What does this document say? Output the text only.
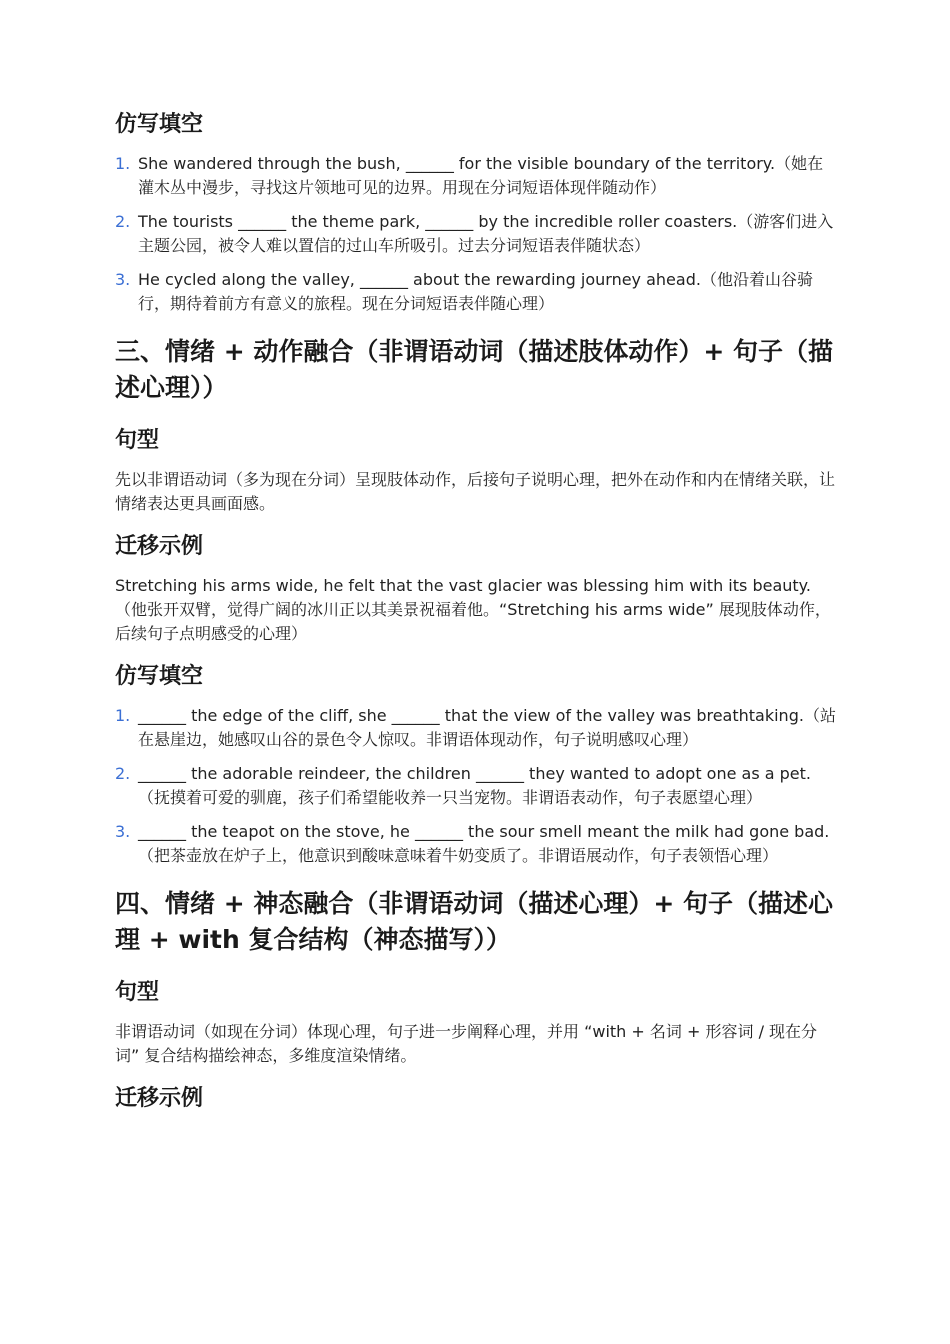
仿写填空
1. She wandered through the bush, ______ for the visible boundary of the territory.（她在灌木丛中漫步，寻找这片领地可见的边界。用现在分词短语体现伴随动作）
2. The tourists ______ the theme park, ______ by the incredible roller coasters.（游客们进入主题公园，被令人难以置信的过山车所吸引。过去分词短语表伴随状态）
3. He cycled along the valley, ______ about the rewarding journey ahead.（他沿着山谷骑行，期待着前方有意义的旅程。现在分词短语表伴随心理）
三、情绪 + 动作融合（非谓语动词（描述肢体动作）+ 句子（描述心理））
句型
先以非谓语动词（多为现在分词）呈现肢体动作，后接句子说明心理，把外在动作和内在情绪关联，让情绪表达更具画面感。
迁移示例
Stretching his arms wide, he felt that the vast glacier was blessing him with its beauty.（他张开双臂，觉得广阔的冰川正以其美景祝福着他。“Stretching his arms wide” 展现肢体动作，后续句子点明感受的心理）
仿写填空
1. ______ the edge of the cliff, she ______ that the view of the valley was breathtaking.（站在悬崖边，她感叹山谷的景色令人惊叹。非谓语体现动作，句子说明感叹心理）
2. ______ the adorable reindeer, the children ______ they wanted to adopt one as a pet.（抚摸着可爱的驯鹿，孩子们希望能收养一只当宠物。非谓语表动作，句子表愿望心理）
3. ______ the teapot on the stove, he ______ the sour smell meant the milk had gone bad.（把茶壶放在炉子上，他意识到酸味意味着牛奶变质了。非谓语展动作，句子表领悟心理）
四、情绪 + 神态融合（非谓语动词（描述心理）+ 句子（描述心理 + with 复合结构（神态描写））
句型
非谓语动词（如现在分词）体现心理，句子进一步阐释心理，并用 “with + 名词 + 形容词 / 现在分词” 复合结构描绘神态，多维度渲染情绪。
迁移示例
